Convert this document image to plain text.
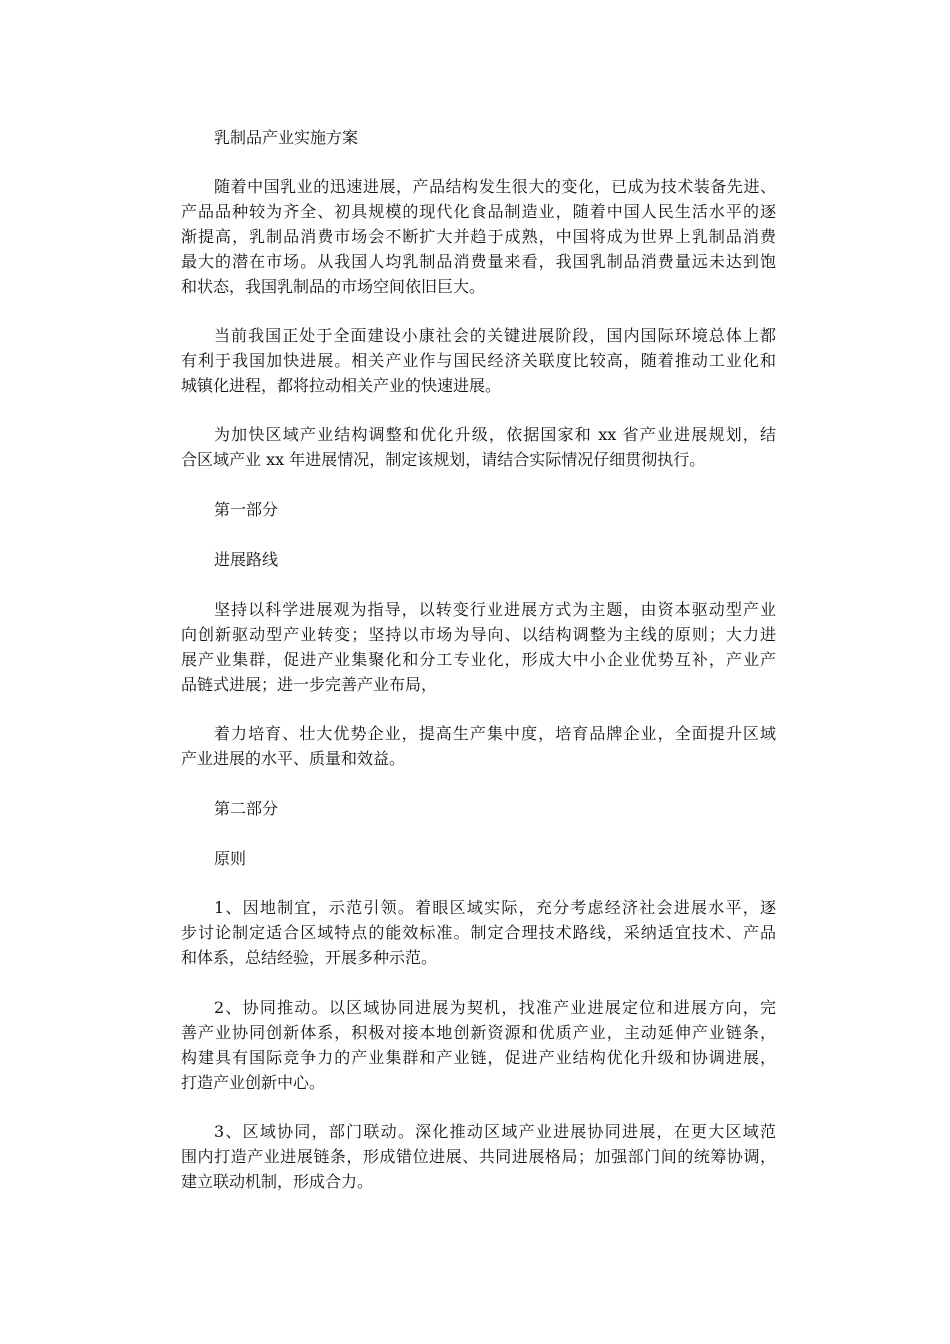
乳制品产业实施方案
随着中国乳业的迅速进展，产品结构发生很大的变化，已成为技术装备先进、
产品品种较为齐全、初具规模的现代化食品制造业，随着中国人民生活水平的逐
渐提高，乳制品消费市场会不断扩大并趋于成熟，中国将成为世界上乳制品消费
最大的潜在市场。从我国人均乳制品消费量来看，我国乳制品消费量远未达到饱
和状态，我国乳制品的市场空间依旧巨大。
当前我国正处于全面建设小康社会的关键进展阶段，国内国际环境总体上都
有利于我国加快进展。相关产业作与国民经济关联度比较高，随着推动工业化和
城镇化进程，都将拉动相关产业的快速进展。
为加快区域产业结构调整和优化升级，依据国家和 xx 省产业进展规划，结
合区域产业 xx 年进展情况，制定该规划，请结合实际情况仔细贯彻执行。
第一部分
进展路线
坚持以科学进展观为指导，以转变行业进展方式为主题，由资本驱动型产业
向创新驱动型产业转变；坚持以市场为导向、以结构调整为主线的原则；大力进
展产业集群，促进产业集聚化和分工专业化，形成大中小企业优势互补，产业产
品链式进展；进一步完善产业布局，
着力培育、壮大优势企业，提高生产集中度，培育品牌企业，全面提升区域
产业进展的水平、质量和效益。
第二部分
原则
1、因地制宜，示范引领。着眼区域实际，充分考虑经济社会进展水平，逐
步讨论制定适合区域特点的能效标准。制定合理技术路线，采纳适宜技术、产品
和体系，总结经验，开展多种示范。
2、协同推动。以区域协同进展为契机，找准产业进展定位和进展方向，完
善产业协同创新体系，积极对接本地创新资源和优质产业，主动延伸产业链条，
构建具有国际竞争力的产业集群和产业链，促进产业结构优化升级和协调进展，
打造产业创新中心。
3、区域协同，部门联动。深化推动区域产业进展协同进展，在更大区域范
围内打造产业进展链条，形成错位进展、共同进展格局；加强部门间的统筹协调，
建立联动机制，形成合力。
